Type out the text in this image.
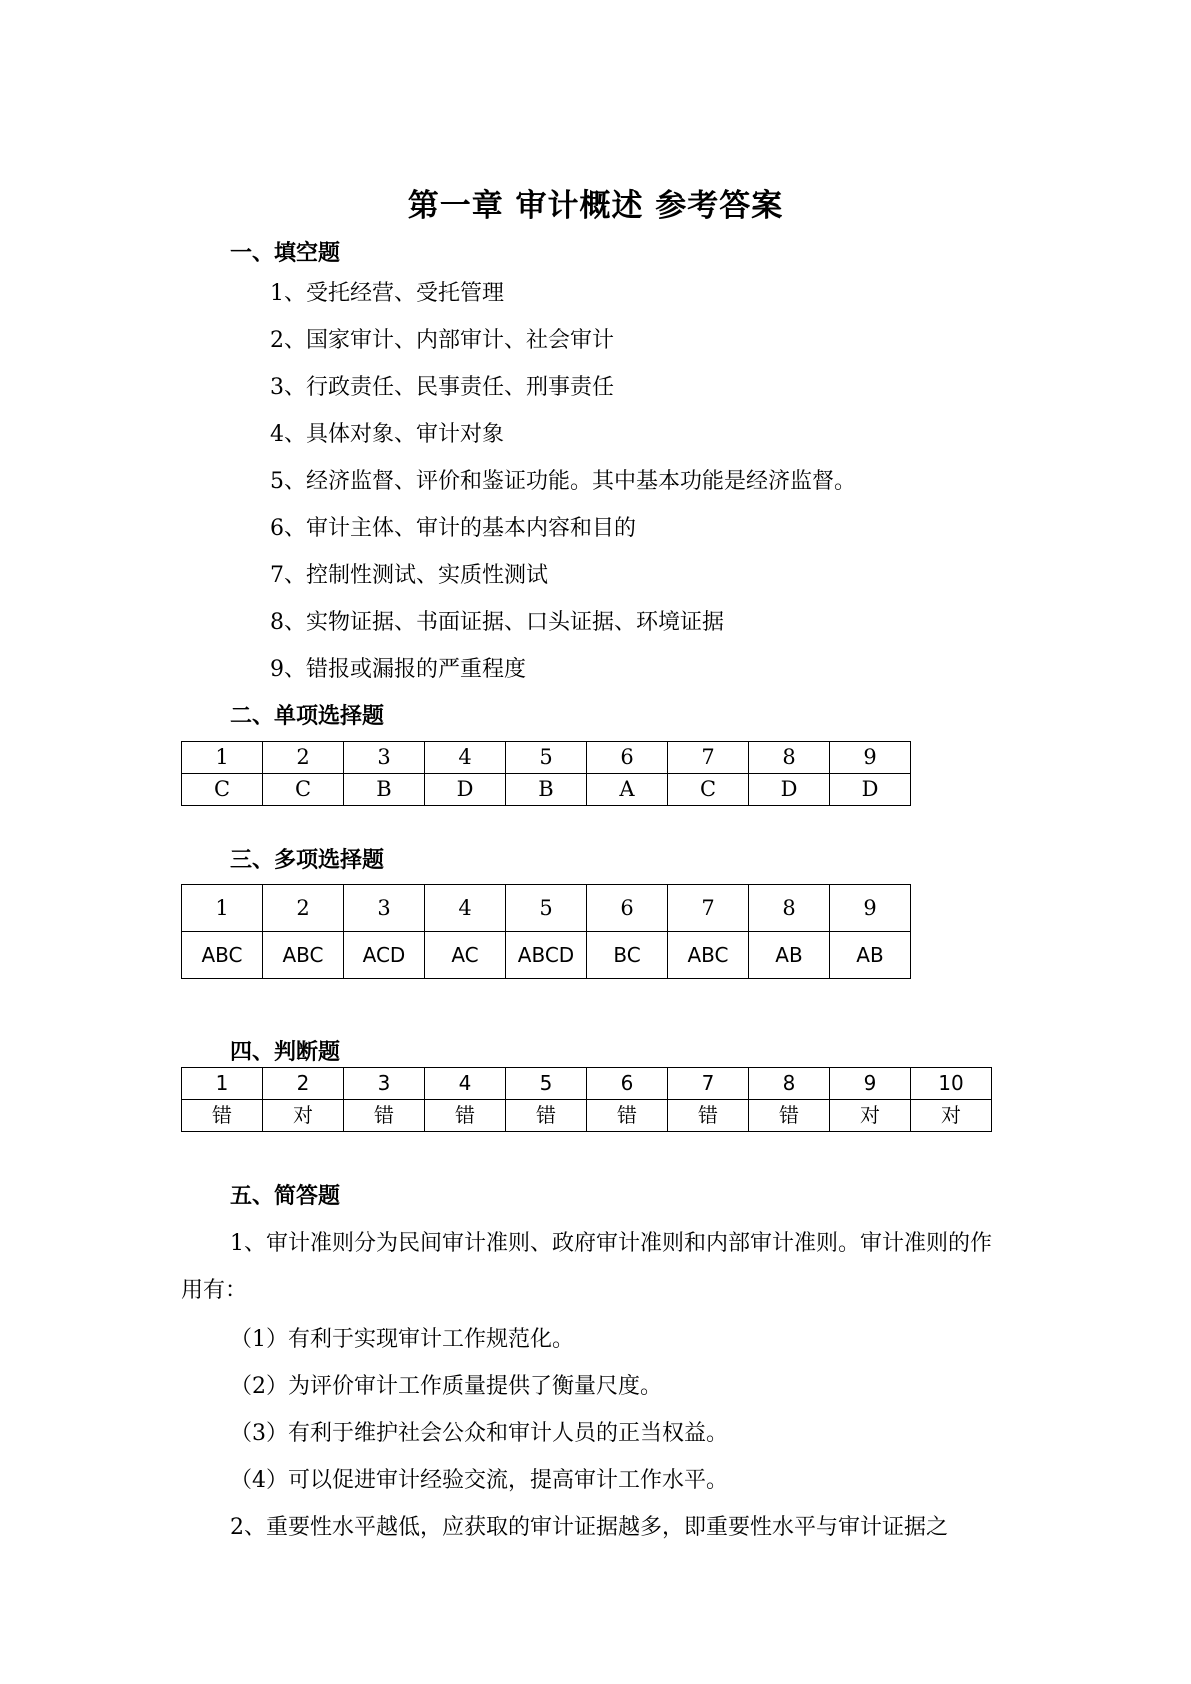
第一章 审计概述 参考答案
一、填空题
1、受托经营、受托管理
2、国家审计、内部审计、社会审计
3、行政责任、民事责任、刑事责任
4、具体对象、审计对象
5、经济监督、评价和鉴证功能。其中基本功能是经济监督。
6、审计主体、审计的基本内容和目的
7、控制性测试、实质性测试
8、实物证据、书面证据、口头证据、环境证据
9、错报或漏报的严重程度
二、单项选择题
1	2	3	4	5	6	7	8	9
C	C	B	D	B	A	C	D	D
三、多项选择题
1	2	3	4	5	6	7	8	9
ABC	ABC	ACD	AC	ABCD	BC	ABC	AB	AB
四、判断题
1	2	3	4	5	6	7	8	9	10
错	对	错	错	错	错	错	错	对	对
五、简答题
1、审计准则分为民间审计准则、政府审计准则和内部审计准则。审计准则的作用有：
（1）有利于实现审计工作规范化。
（2）为评价审计工作质量提供了衡量尺度。
（3）有利于维护社会公众和审计人员的正当权益。
（4）可以促进审计经验交流，提高审计工作水平。
2、重要性水平越低，应获取的审计证据越多，即重要性水平与审计证据之
